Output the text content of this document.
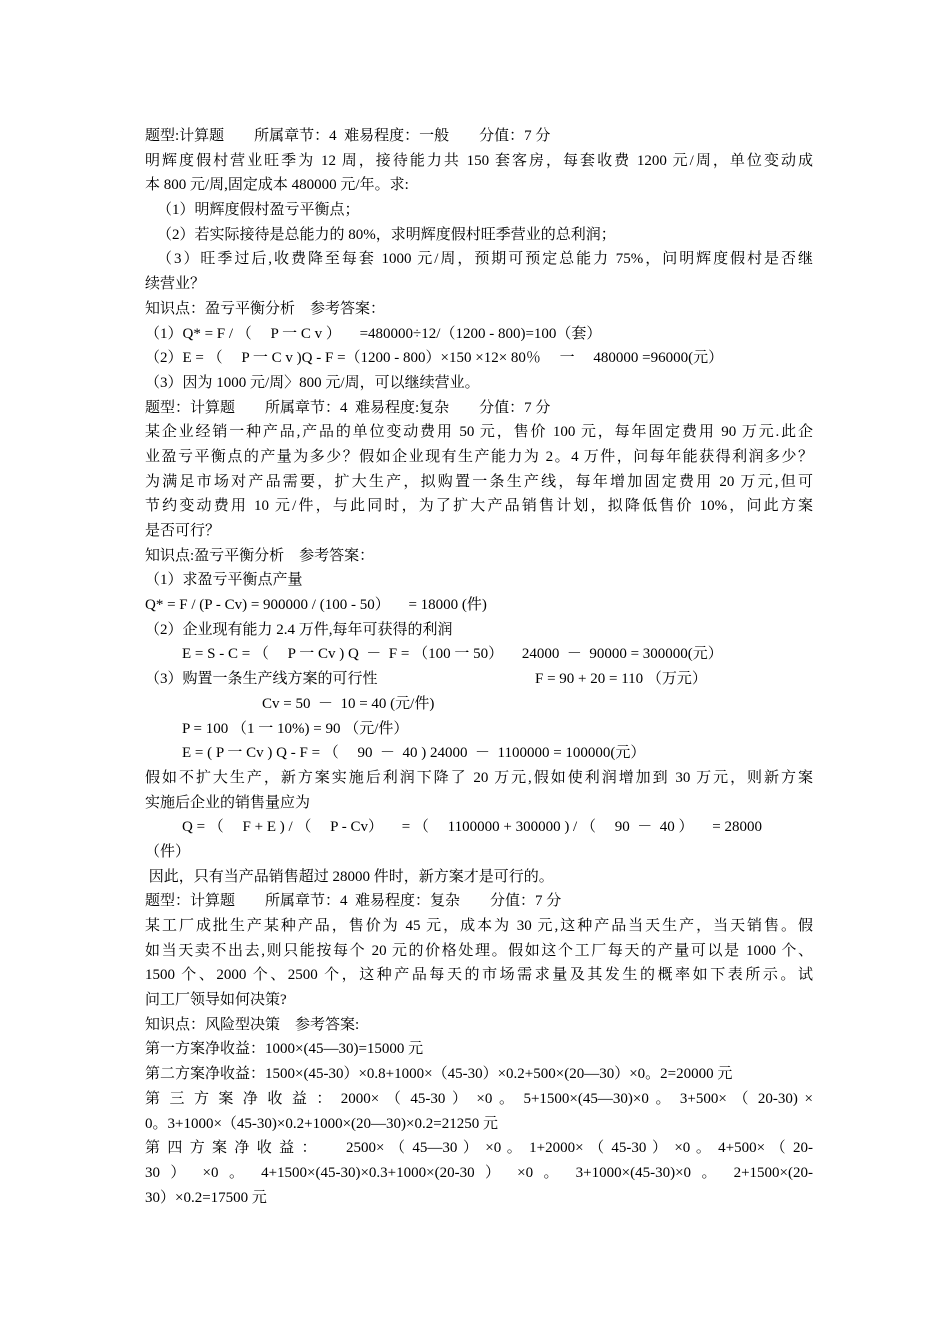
题型:计算题        所属章节：4  难易程度：一般        分值：7 分
明辉度假村营业旺季为 12 周，接待能力共 150 套客房，每套收费 1200 元/周，单位变动成
本 800 元/周,固定成本 480000 元/年。求:
（1）明辉度假村盈亏平衡点；
（2）若实际接待是总能力的 80%，求明辉度假村旺季营业的总利润；
（3）旺季过后,收费降至每套 1000 元/周，预期可预定总能力 75%，问明辉度假村是否继
续营业？
知识点：盈亏平衡分析    参考答案：
（1）Q* = F / （     P 一 C v ）     =480000÷12/（1200 - 800)=100（套）
（2）E = （     P 一 C v )Q - F =（1200 - 800）×150 ×12× 80％     一     480000 =96000(元）
（3）因为 1000 元/周〉800 元/周，可以继续营业。
题型：计算题        所属章节：4  难易程度:复杂        分值：7 分
某企业经销一种产品,产品的单位变动费用 50 元，售价 100 元，每年固定费用 90 万元.此企
业盈亏平衡点的产量为多少？假如企业现有生产能力为 2。4 万件，问每年能获得利润多少？
为满足市场对产品需要，扩大生产，拟购置一条生产线，每年增加固定费用 20 万元,但可
节约变动费用 10 元/件，与此同时，为了扩大产品销售计划，拟降低售价 10%，问此方案
是否可行？
知识点:盈亏平衡分析    参考答案：
（1）求盈亏平衡点产量
Q* = F / (P - Cv) = 900000 / (100 - 50）     = 18000 (件)
（2）企业现有能力 2.4 万件,每年可获得的利润
E = S - C = （     P 一 Cv ) Q  －  F = （100 一 50）     24000  －  90000 = 300000(元）
（3）购置一条生产线方案的可行性                                          F = 90 + 20 = 110 （万元）
Cv = 50  －  10 = 40 (元/件)
P = 100 （1 一 10%) = 90 （元/件）
E = ( P 一 Cv ) Q - F = （     90  －  40 ) 24000  －  1100000 = 100000(元）
假如不扩大生产，新方案实施后利润下降了 20 万元,假如使利润增加到 30 万元，则新方案
实施后企业的销售量应为
Q = （     F + E ) / （     P - Cv）     = （     1100000 + 300000 ) / （     90  －  40 ）     = 28000
（件）
因此，只有当产品销售超过 28000 件时，新方案才是可行的。
题型：计算题        所属章节：4  难易程度：复杂        分值：7 分
某工厂成批生产某种产品，售价为 45 元，成本为 30 元,这种产品当天生产，当天销售。假
如当天卖不出去,则只能按每个 20 元的价格处理。假如这个工厂每天的产量可以是 1000 个、
1500 个、2000 个、2500 个，这种产品每天的市场需求量及其发生的概率如下表所示。试
问工厂领导如何决策?
知识点：风险型决策    参考答案:
第一方案净收益：1000×(45—30)=15000 元
第二方案净收益：1500×(45-30）×0.8+1000×（45-30）×0.2+500×(20—30）×0。2=20000 元
第 三 方 案 净 收 益 ： 2000× （ 45-30 ） ×0 。 5+1500×(45—30)×0 。 3+500× （ 20-30) ×
0。3+1000×（45-30)×0.2+1000×(20—30)×0.2=21250 元
第 四 方 案 净 收 益 ：     2500× （ 45—30 ） ×0 。 1+2000× （ 45-30 ） ×0 。 4+500× （ 20-
30 ） ×0 。 4+1500×(45-30)×0.3+1000×(20-30 ） ×0 。 3+1000×(45-30)×0 。 2+1500×(20-
30）×0.2=17500 元
